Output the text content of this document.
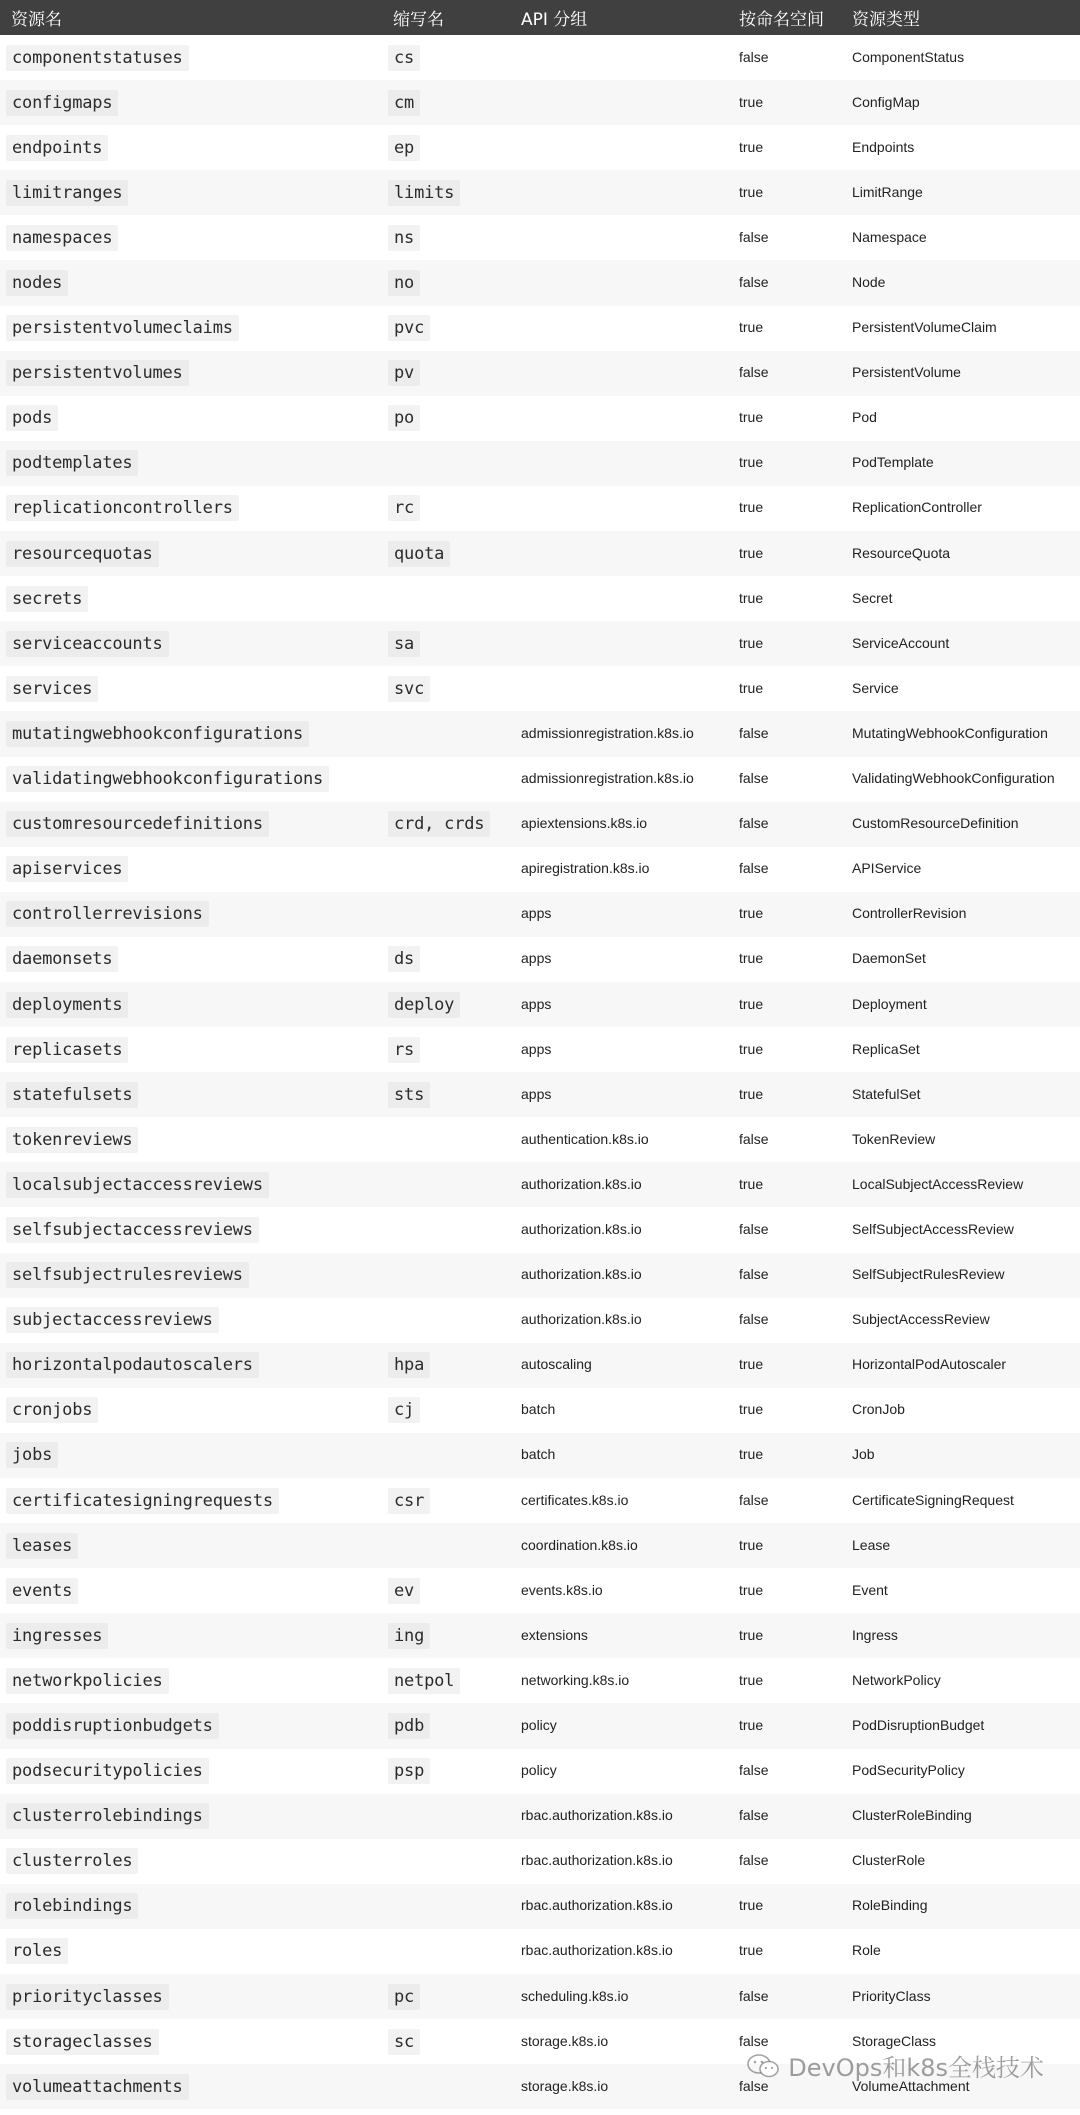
资源名	缩写名	API 分组	按命名空间	资源类型
componentstatuses	cs		false	ComponentStatus
configmaps	cm		true	ConfigMap
endpoints	ep		true	Endpoints
limitranges	limits		true	LimitRange
namespaces	ns		false	Namespace
nodes	no		false	Node
persistentvolumeclaims	pvc		true	PersistentVolumeClaim
persistentvolumes	pv		false	PersistentVolume
pods	po		true	Pod
podtemplates			true	PodTemplate
replicationcontrollers	rc		true	ReplicationController
resourcequotas	quota		true	ResourceQuota
secrets			true	Secret
serviceaccounts	sa		true	ServiceAccount
services	svc		true	Service
mutatingwebhookconfigurations		admissionregistration.k8s.io	false	MutatingWebhookConfiguration
validatingwebhookconfigurations		admissionregistration.k8s.io	false	ValidatingWebhookConfiguration
customresourcedefinitions	crd, crds	apiextensions.k8s.io	false	CustomResourceDefinition
apiservices		apiregistration.k8s.io	false	APIService
controllerrevisions		apps	true	ControllerRevision
daemonsets	ds	apps	true	DaemonSet
deployments	deploy	apps	true	Deployment
replicasets	rs	apps	true	ReplicaSet
statefulsets	sts	apps	true	StatefulSet
tokenreviews		authentication.k8s.io	false	TokenReview
localsubjectaccessreviews		authorization.k8s.io	true	LocalSubjectAccessReview
selfsubjectaccessreviews		authorization.k8s.io	false	SelfSubjectAccessReview
selfsubjectrulesreviews		authorization.k8s.io	false	SelfSubjectRulesReview
subjectaccessreviews		authorization.k8s.io	false	SubjectAccessReview
horizontalpodautoscalers	hpa	autoscaling	true	HorizontalPodAutoscaler
cronjobs	cj	batch	true	CronJob
jobs		batch	true	Job
certificatesigningrequests	csr	certificates.k8s.io	false	CertificateSigningRequest
leases		coordination.k8s.io	true	Lease
events	ev	events.k8s.io	true	Event
ingresses	ing	extensions	true	Ingress
networkpolicies	netpol	networking.k8s.io	true	NetworkPolicy
poddisruptionbudgets	pdb	policy	true	PodDisruptionBudget
podsecuritypolicies	psp	policy	false	PodSecurityPolicy
clusterrolebindings		rbac.authorization.k8s.io	false	ClusterRoleBinding
clusterroles		rbac.authorization.k8s.io	false	ClusterRole
rolebindings		rbac.authorization.k8s.io	true	RoleBinding
roles		rbac.authorization.k8s.io	true	Role
priorityclasses	pc	scheduling.k8s.io	false	PriorityClass
storageclasses	sc	storage.k8s.io	false	StorageClass
volumeattachments		storage.k8s.io	false	VolumeAttachment
DevOps和k8s全栈技术
